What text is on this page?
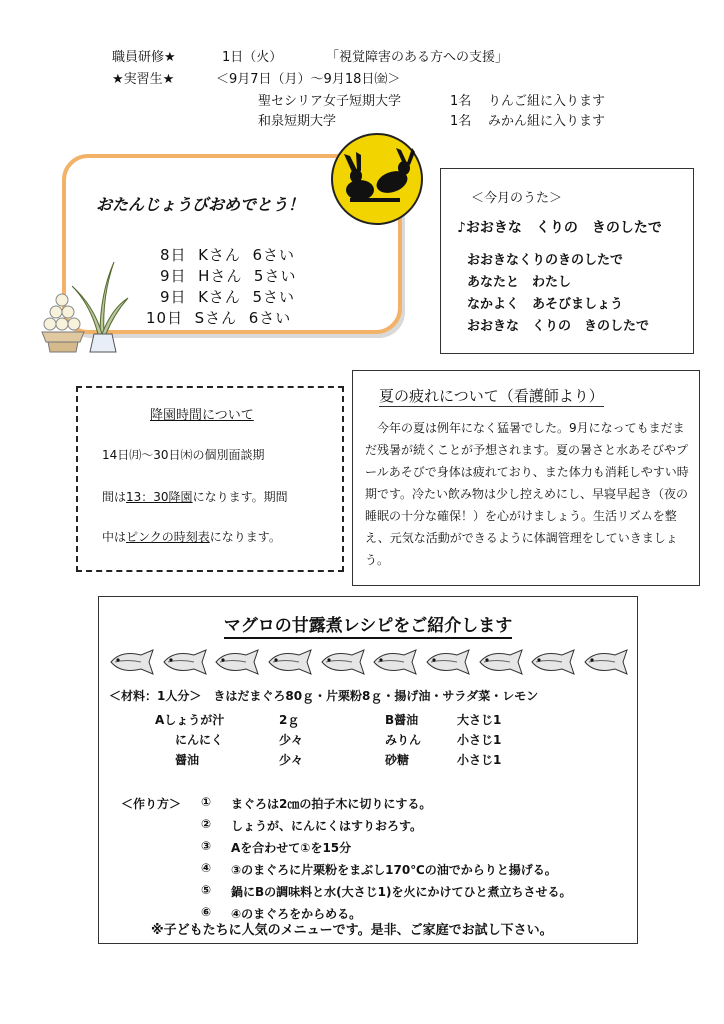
職員研修★	1日（火）	「視覚障害のある方への支援」
★実習生★	＜9月7日（月）～9月18日㈮＞
聖セシリア女子短期大学	1名 りんご組に入ります
和泉短期大学	1名 みかん組に入ります
おたんじょうびおめでとう！
8日 Kさん 6さい
9日 Hさん 5さい
9日 Kさん 5さい
10日 Sさん 6さい
＜今月のうた＞
♪おおきな　くりの　きのしたで
おおきなくりのきのしたで
あなたと　わたし
なかよく　あそびましょう
おおきな　くりの　きのしたで
降園時間について
14日㈪～30日㈭の個別面談期
間は13：30降園になります。期間
中はピンクの時刻表になります。
夏の疲れについて（看護師より）
今年の夏は例年になく猛暑でした。9月になってもまだまだ残暑が続くことが予想されます。夏の暑さと水あそびやプールあそびで身体は疲れており、また体力も消耗しやすい時期です。冷たい飲み物は少し控えめにし、早寝早起き（夜の睡眠の十分な確保！）を心がけましょう。生活リズムを整え、元気な活動ができるように体調管理をしていきましょう。
マグロの甘露煮レシピをご紹介します
＜材料：1人分＞　きはだまぐろ80ｇ・片栗粉8ｇ・揚げ油・サラダ菜・レモン
Aしょうが汁	2ｇ	B醤油	大さじ1
にんにく	少々	みりん	小さじ1
醤油	少々	砂糖	小さじ1
＜作り方＞ ① まぐろは2㎝の拍子木に切りにする。
② しょうが、にんにくはすりおろす。
③ Aを合わせて①を15分
④ ③のまぐろに片栗粉をまぶし170℃の油でからりと揚げる。
⑤ 鍋にBの調味料と水(大さじ1)を火にかけてひと煮立ちさせる。
⑥ ④のまぐろをからめる。
※子どもたちに人気のメニューです。是非、ご家庭でお試し下さい。
